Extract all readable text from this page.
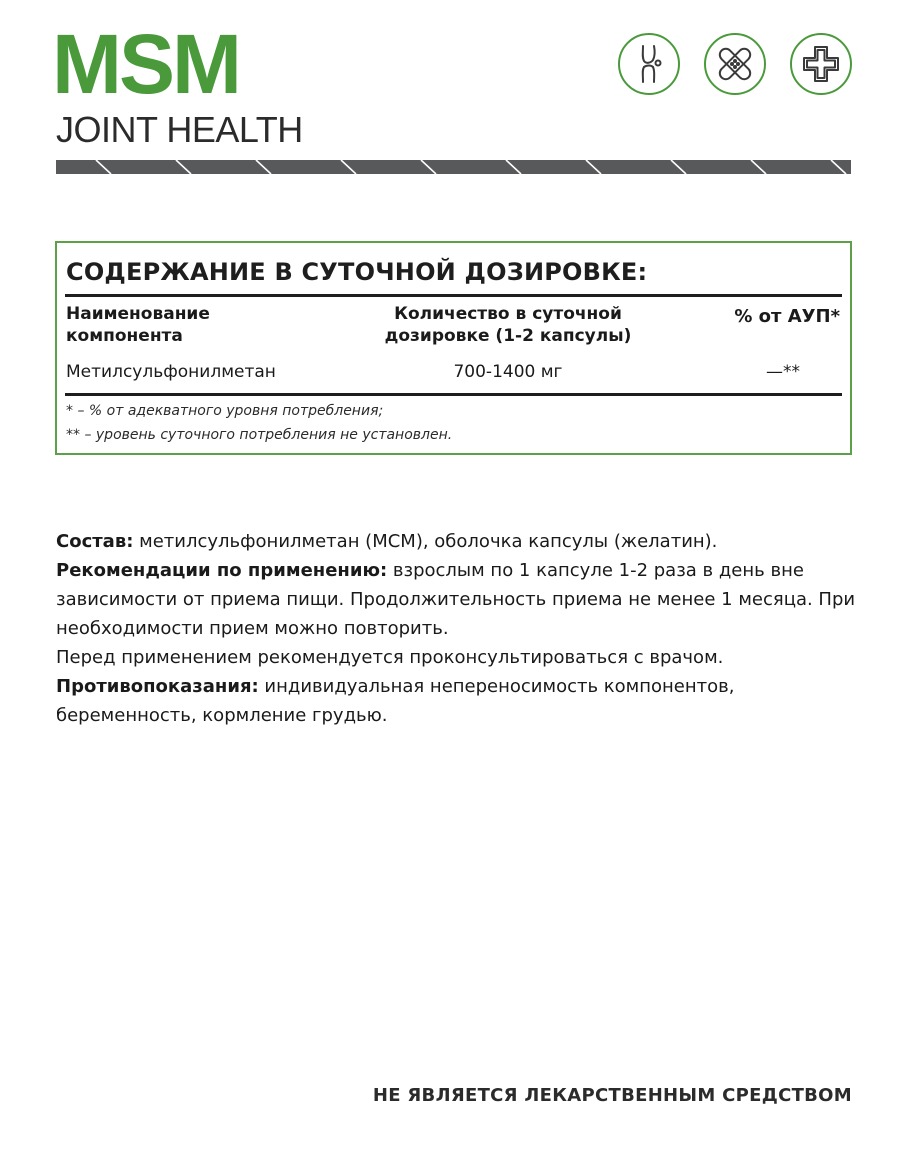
MSM
JOINT HEALTH
СОДЕРЖАНИЕ В СУТОЧНОЙ ДОЗИРОВКЕ:
Наименование компонента
Количество в суточной дозировке (1-2 капсулы)
% от АУП*
Метилсульфонилметан	700-1400 мг	—**
* – % от адекватного уровня потребления;
** – уровень суточного потребления не установлен.

Состав: метилсульфонилметан (МСМ), оболочка капсулы (желатин).

Рекомендации по применению: взрослым по 1 капсуле 1-2 раза в день вне зависимости от приема пищи. Продолжительность приема не менее 1 месяца. При необходимости прием можно повторить.

Перед применением рекомендуется проконсультироваться с врачом.

Противопоказания: индивидуальная непереносимость компонентов, беременность, кормление грудью.

НЕ ЯВЛЯЕТСЯ ЛЕКАРСТВЕННЫМ СРЕДСТВОМ
